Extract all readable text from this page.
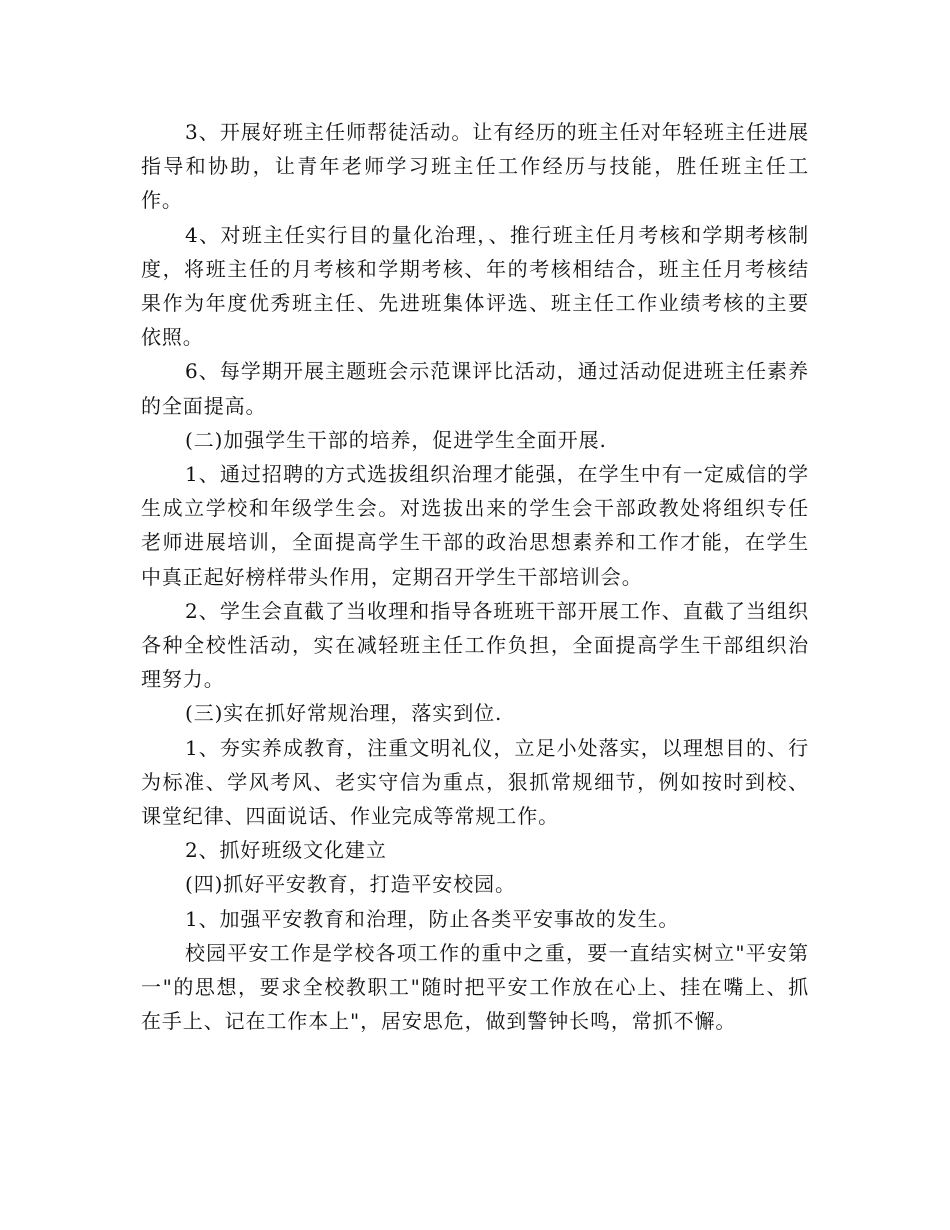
3、开展好班主任师帮徒活动。让有经历的班主任对年轻班主任进展指导和协助，让青年老师学习班主任工作经历与技能，胜任班主任工作。

4、对班主任实行目的量化治理，、推行班主任月考核和学期考核制度，将班主任的月考核和学期考核、年的考核相结合，班主任月考核结果作为年度优秀班主任、先进班集体评选、班主任工作业绩考核的主要依照。

6、每学期开展主题班会示范课评比活动，通过活动促进班主任素养的全面提高。

(二)加强学生干部的培养，促进学生全面开展.

1、通过招聘的方式选拔组织治理才能强，在学生中有一定威信的学生成立学校和年级学生会。对选拔出来的学生会干部政教处将组织专任老师进展培训，全面提高学生干部的政治思想素养和工作才能，在学生中真正起好榜样带头作用，定期召开学生干部培训会。

2、学生会直截了当收理和指导各班班干部开展工作、直截了当组织各种全校性活动，实在减轻班主任工作负担，全面提高学生干部组织治理努力。

(三)实在抓好常规治理，落实到位.

1、夯实养成教育，注重文明礼仪，立足小处落实，以理想目的、行为标准、学风考风、老实守信为重点，狠抓常规细节，例如按时到校、课堂纪律、四面说话、作业完成等常规工作。

2、抓好班级文化建立

(四)抓好平安教育，打造平安校园。

1、加强平安教育和治理，防止各类平安事故的发生。

校园平安工作是学校各项工作的重中之重，要一直结实树立"平安第一"的思想，要求全校教职工"随时把平安工作放在心上、挂在嘴上、抓在手上、记在工作本上"，居安思危，做到警钟长鸣，常抓不懈。
